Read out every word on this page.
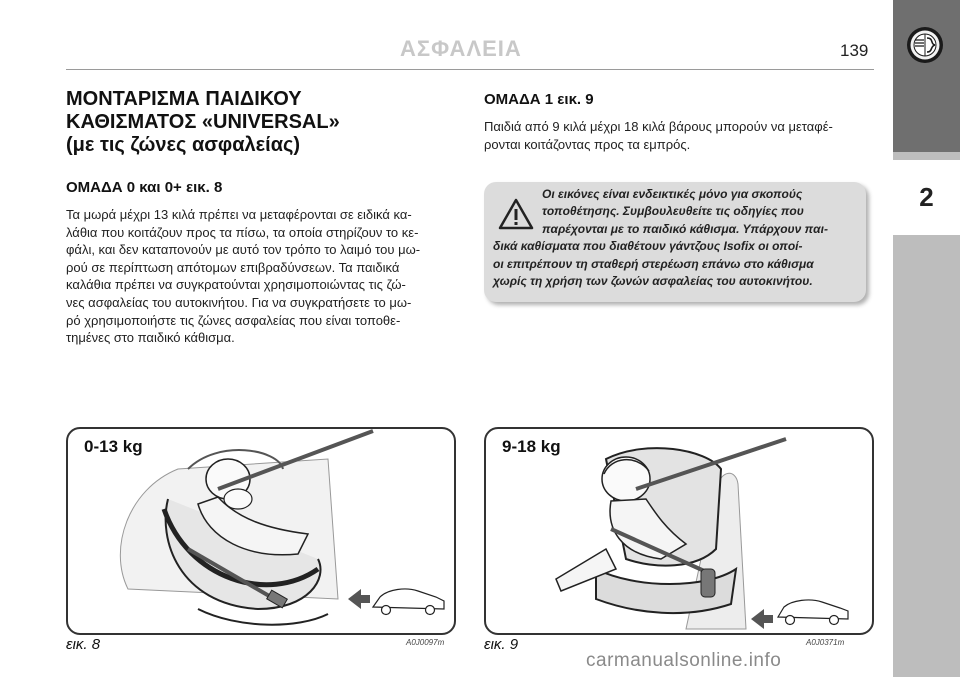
ΑΣΦΑΛΕΙΑ	139
2
ΜΟΝΤΑΡΙΣΜΑ ΠΑΙΔΙΚΟΥ
ΚΑΘΙΣΜΑΤΟΣ «UNIVERSAL»
(με τις ζώνες ασφαλείας)
ΟΜΑΔΑ 0 και 0+ εικ. 8
Τα μωρά μέχρι 13 κιλά πρέπει να μεταφέρονται σε ειδικά κα-
λάθια που κοιτάζουν προς τα πίσω, τα οποία στηρίζουν το κε-
φάλι, και δεν καταπονούν με αυτό τον τρόπο το λαιμό του μω-
ρού σε περίπτωση απότομων επιβραδύνσεων. Τα παιδικά
καλάθια πρέπει να συγκρατούνται χρησιμοποιώντας τις ζώ-
νες ασφαλείας του αυτοκινήτου. Για να συγκρατήσετε το μω-
ρό χρησιμοποιήστε τις ζώνες ασφαλείας που είναι τοποθε-
τημένες στο παιδικό κάθισμα.
ΟΜΑΔΑ 1 εικ. 9
Παιδιά από 9 κιλά μέχρι 18 κιλά βάρους μπορούν να μεταφέ-
ρονται κοιτάζοντας προς τα εμπρός.
Οι εικόνες είναι ενδεικτικές μόνο για σκοπούς
τοποθέτησης. Συμβουλευθείτε τις οδηγίες που
παρέχονται με το παιδικό κάθισμα. Υπάρχουν παι-
δικά καθίσματα που διαθέτουν γάντζους Isofix οι οποί-
οι επιτρέπουν τη σταθερή στερέωση επάνω στο κάθισμα
χωρίς τη χρήση των ζωνών ασφαλείας του αυτοκινήτου.
0-13 kg
εικ. 8	A0J0097m
9-18 kg
εικ. 9	A0J0371m
carmanualsonline.info
